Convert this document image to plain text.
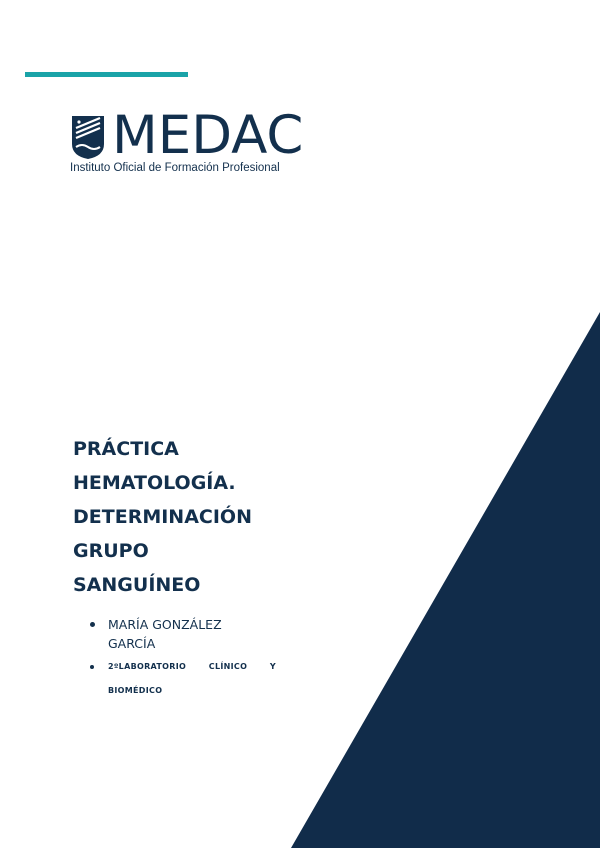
MEDAC
Instituto Oficial de Formación Profesional
PRÁCTICA
HEMATOLOGÍA.
DETERMINACIÓN
GRUPO
SANGUÍNEO
MARÍA GONZÁLEZ GARCÍA
2ºLABORATORIO	CLÍNICO	Y
BIOMÉDICO
